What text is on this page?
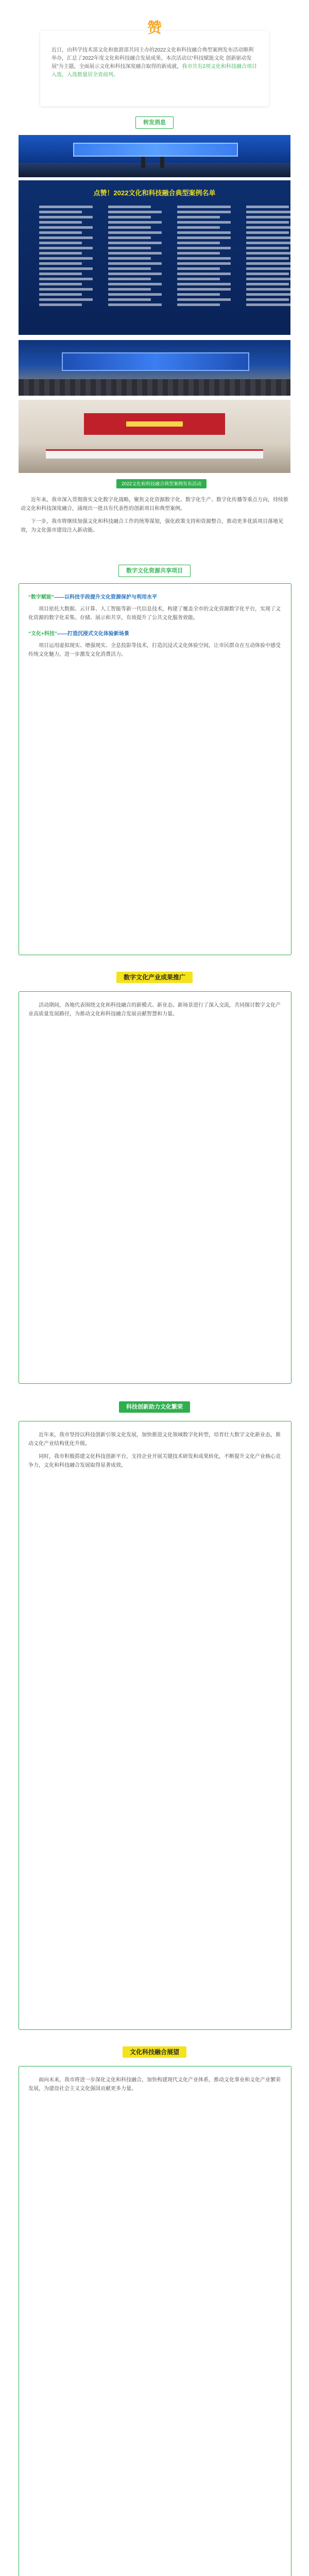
赞

近日，由科学技术部文化和旅游部共同主办的2022文化和科技融合典型案例发布活动顺利举办，汇总了2022年度文化和科技融合发展成果。本次活动以“科技赋能文化 创新驱动发展”为主题，全面展示文化和科技深度融合取得的新成就，我市共有2项文化和科技融合项目入选，入选数量居全省前列。

转发消息
点赞！2022文化和科技融合典型案例名单
2022文化和科技融合典型案例发布活动

近年来，我市深入贯彻落实文化数字化战略，聚焦文化资源数字化、数字化生产、数字化传播等重点方向，持续推动文化和科技深度融合，涌现出一批具有代表性的创新项目和典型案例。

下一步，我市将继续加强文化和科技融合工作的统筹谋划，强化政策支持和资源整合，推动更多优质项目落地见效，为文化强市建设注入新动能。

数字文化资源共享项目
“数字赋能”——以科技手段提升文化资源保护与利用水平

项目依托大数据、云计算、人工智能等新一代信息技术，构建了覆盖全市的文化资源数字化平台，实现了文化资源的数字化采集、存储、展示和共享，有效提升了公共文化服务效能。

“文化+科技”——打造沉浸式文化体验新场景

项目运用虚拟现实、增强现实、全息投影等技术，打造沉浸式文化体验空间，让市民群众在互动体验中感受传统文化魅力，进一步激发文化消费活力。

数字文化产业成果推广

活动期间，各地代表围绕文化和科技融合的新模式、新业态、新场景进行了深入交流，共同探讨数字文化产业高质量发展路径，为推动文化和科技融合发展贡献智慧和力量。

科技创新助力文化繁荣

近年来，我市坚持以科技创新引领文化发展，加快推进文化领域数字化转型，培育壮大数字文化新业态，推动文化产业结构优化升级。

同时，我市积极搭建文化科技创新平台，支持企业开展关键技术研发和成果转化，不断提升文化产业核心竞争力，文化和科技融合发展取得显著成效。

文化科技融合展望

面向未来，我市将进一步深化文化和科技融合，加快构建现代文化产业体系，推动文化事业和文化产业繁荣发展，为建设社会主义文化强国贡献更多力量。
